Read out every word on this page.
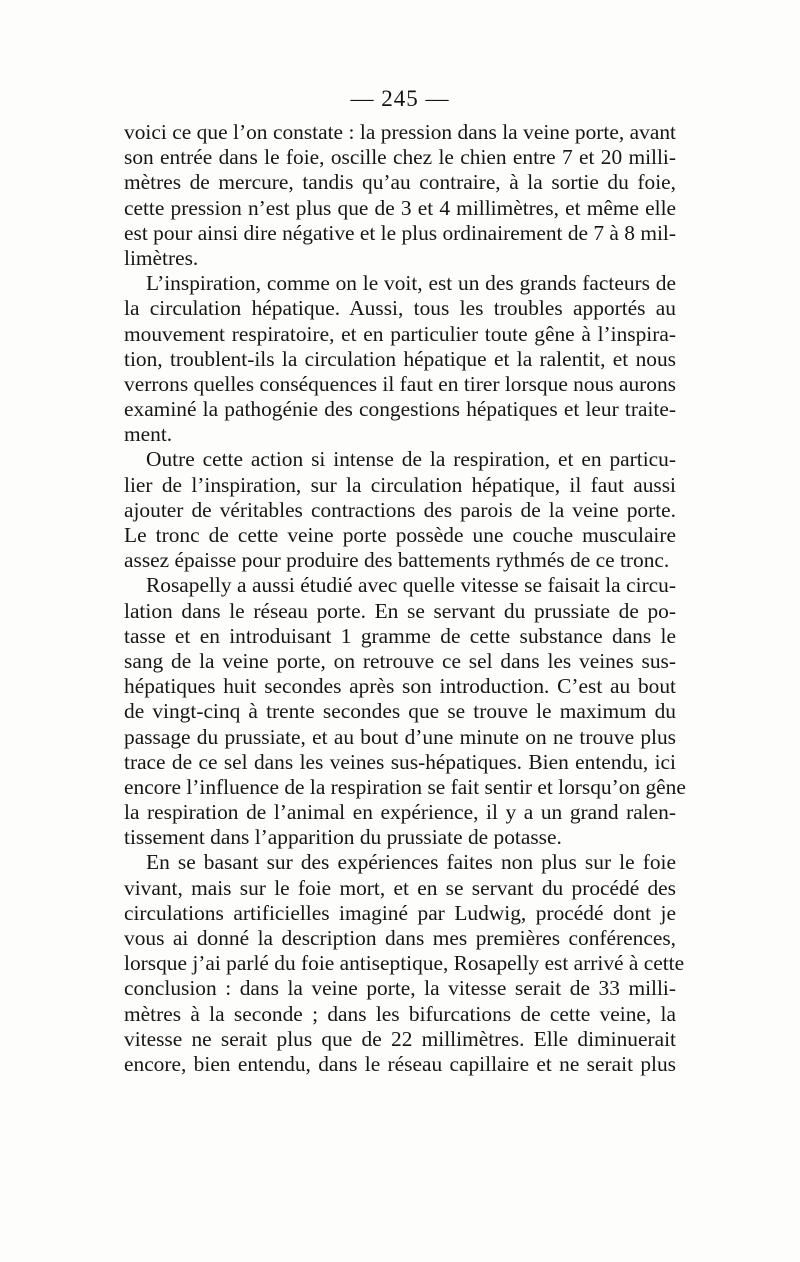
— 245 —
voici ce que l’on constate : la pression dans la veine porte, avant
son entrée dans le foie, oscille chez le chien entre 7 et 20 milli-
mètres de mercure, tandis qu’au contraire, à la sortie du foie,
cette pression n’est plus que de 3 et 4 millimètres, et même elle
est pour ainsi dire négative et le plus ordinairement de 7 à 8 mil-
limètres.
L’inspiration, comme on le voit, est un des grands facteurs de
la circulation hépatique. Aussi, tous les troubles apportés au
mouvement respiratoire, et en particulier toute gêne à l’inspira-
tion, troublent-ils la circulation hépatique et la ralentit, et nous
verrons quelles conséquences il faut en tirer lorsque nous aurons
examiné la pathogénie des congestions hépatiques et leur traite-
ment.
Outre cette action si intense de la respiration, et en particu-
lier de l’inspiration, sur la circulation hépatique, il faut aussi
ajouter de véritables contractions des parois de la veine porte.
Le tronc de cette veine porte possède une couche musculaire
assez épaisse pour produire des battements rythmés de ce tronc.
Rosapelly a aussi étudié avec quelle vitesse se faisait la circu-
lation dans le réseau porte. En se servant du prussiate de po-
tasse et en introduisant 1 gramme de cette substance dans le
sang de la veine porte, on retrouve ce sel dans les veines sus-
hépatiques huit secondes après son introduction. C’est au bout
de vingt-cinq à trente secondes que se trouve le maximum du
passage du prussiate, et au bout d’une minute on ne trouve plus
trace de ce sel dans les veines sus-hépatiques. Bien entendu, ici
encore l’influence de la respiration se fait sentir et lorsqu’on gêne
la respiration de l’animal en expérience, il y a un grand ralen-
tissement dans l’apparition du prussiate de potasse.
En se basant sur des expériences faites non plus sur le foie
vivant, mais sur le foie mort, et en se servant du procédé des
circulations artificielles imaginé par Ludwig, procédé dont je
vous ai donné la description dans mes premières conférences,
lorsque j’ai parlé du foie antiseptique, Rosapelly est arrivé à cette
conclusion : dans la veine porte, la vitesse serait de 33 milli-
mètres à la seconde ; dans les bifurcations de cette veine, la
vitesse ne serait plus que de 22 millimètres. Elle diminuerait
encore, bien entendu, dans le réseau capillaire et ne serait plus
